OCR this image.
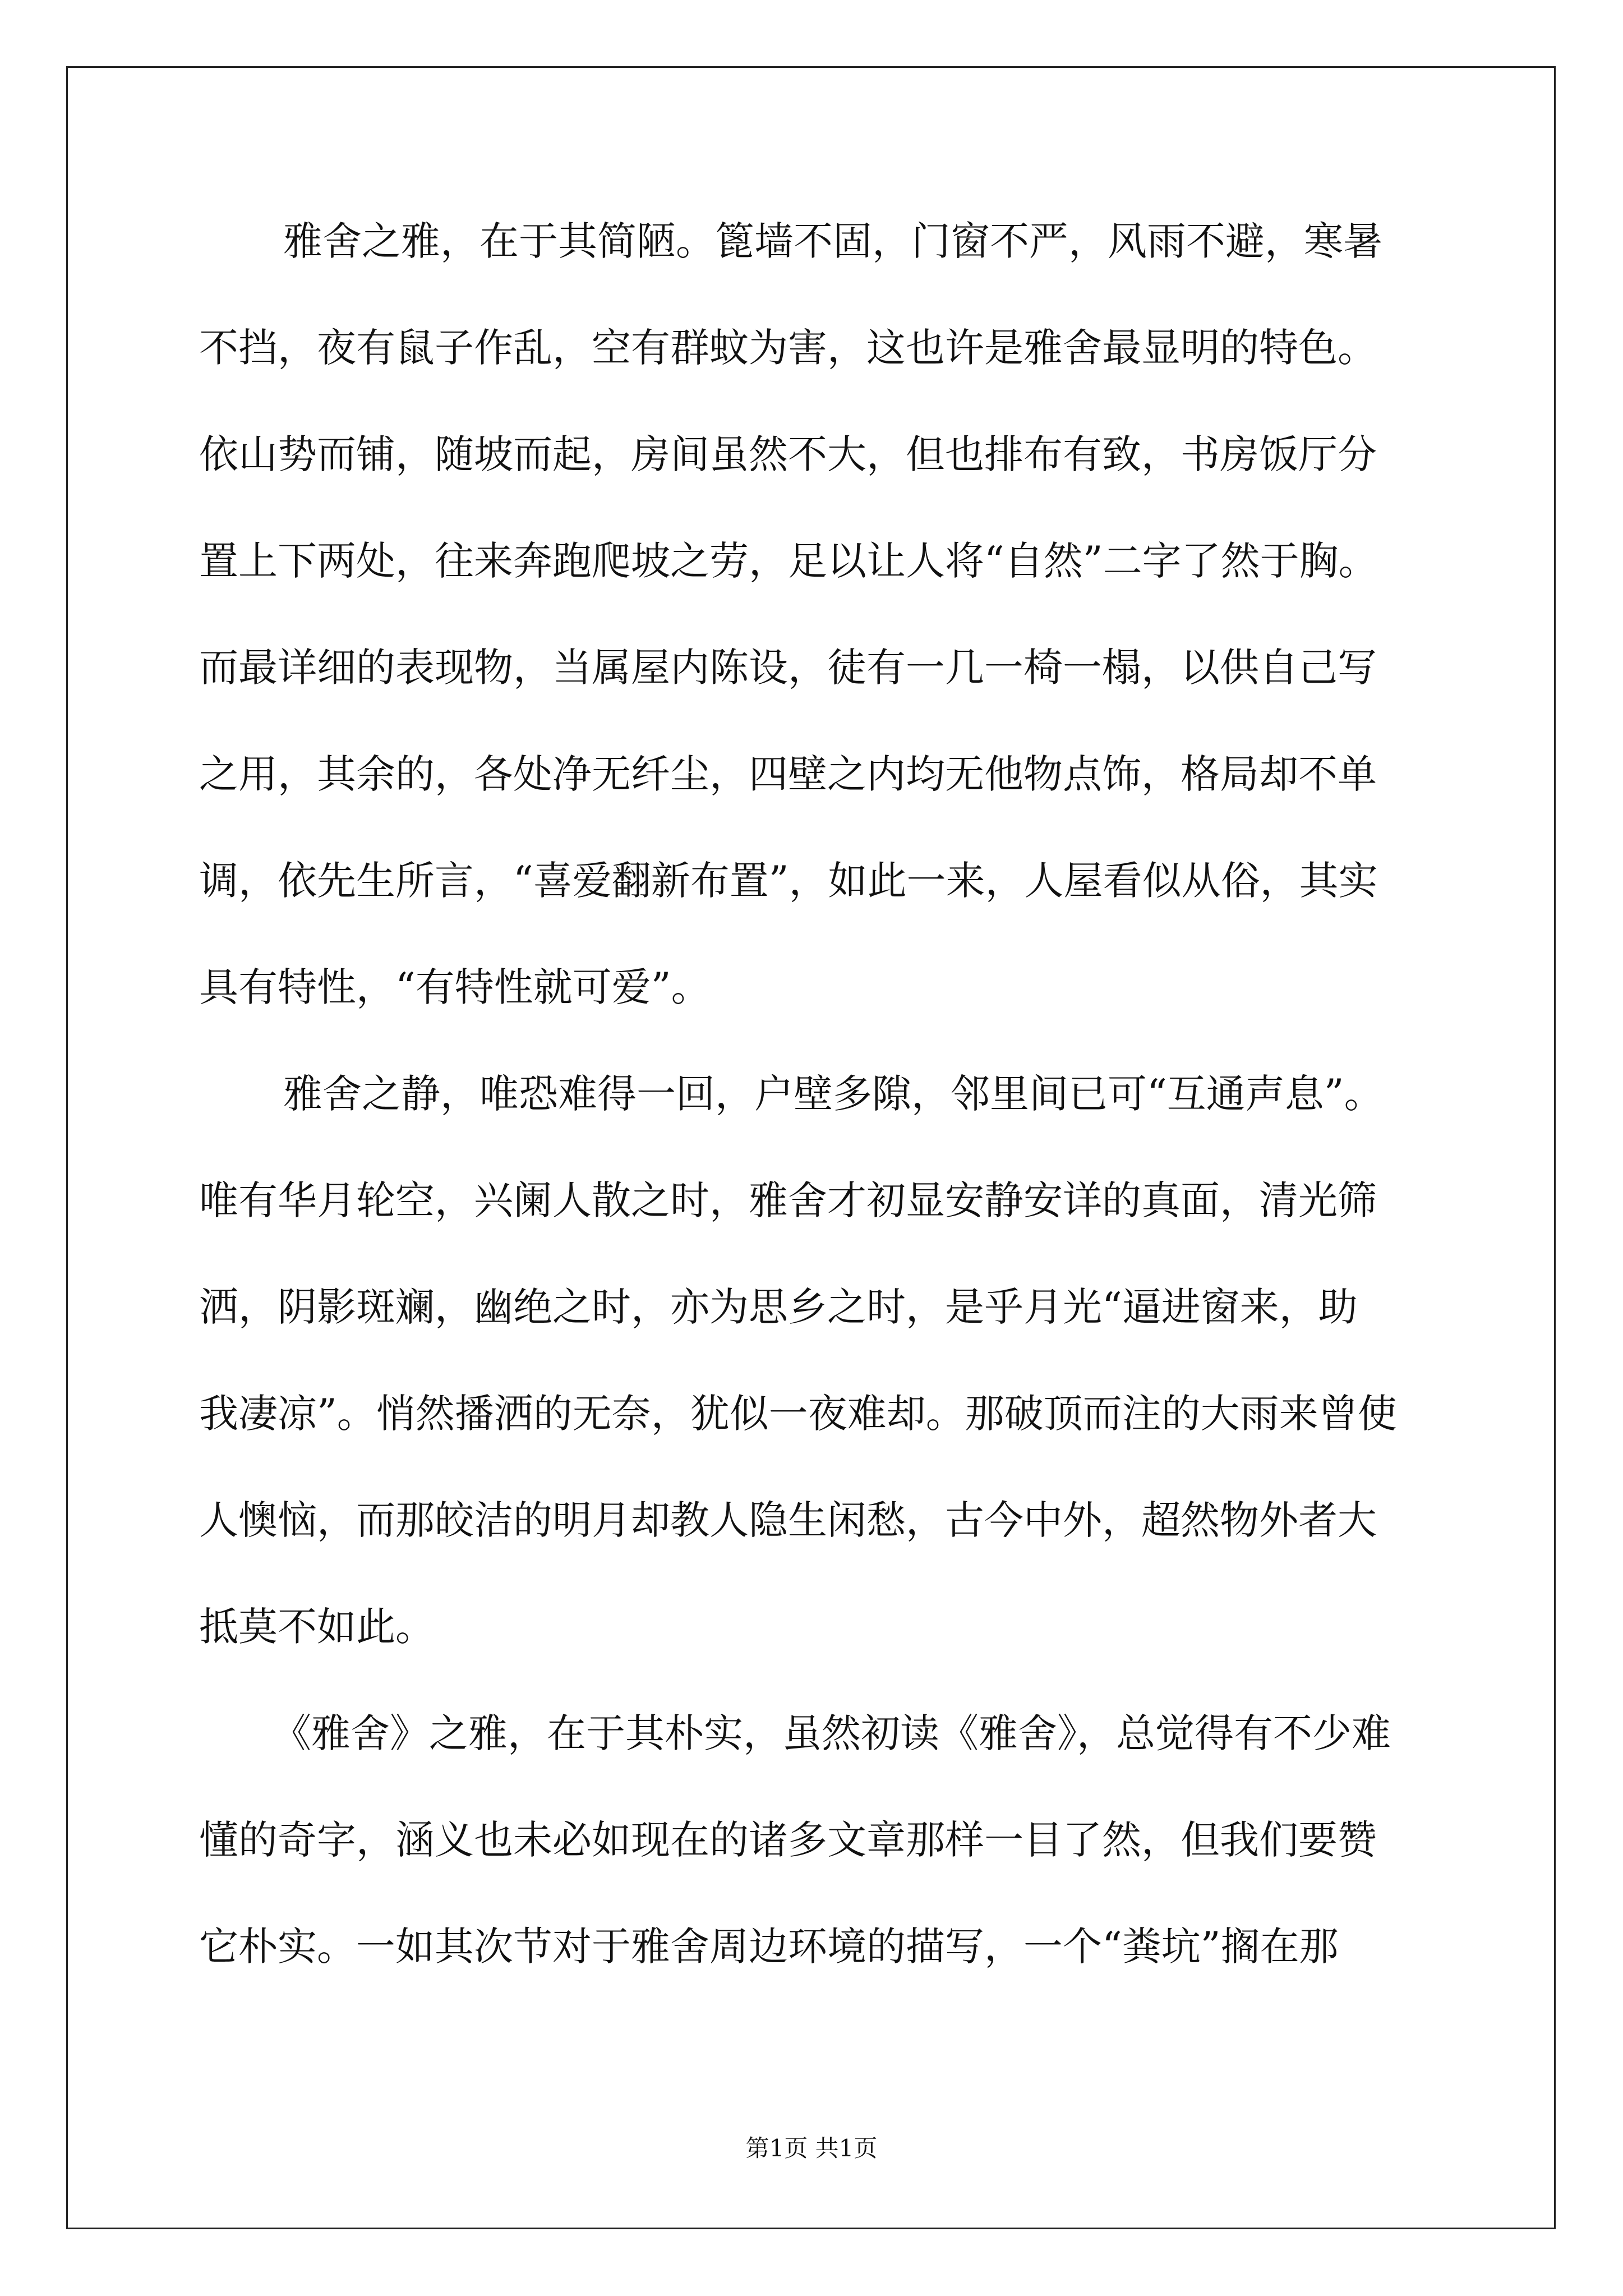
雅舍之雅，在于其简陋。篦墙不固，门窗不严，风雨不避，寒暑
不挡，夜有鼠子作乱，空有群蚊为害，这也许是雅舍最显明的特色。
依山势而铺，随坡而起，房间虽然不大，但也排布有致，书房饭厅分
置上下两处，往来奔跑爬坡之劳，足以让人将“自然”二字了然于胸。
而最详细的表现物，当属屋内陈设，徒有一几一椅一榻，以供自己写
之用，其余的，各处净无纤尘，四壁之内均无他物点饰，格局却不单
调，依先生所言，“喜爱翻新布置”，如此一来，人屋看似从俗，其实
具有特性，“有特性就可爱”。
雅舍之静，唯恐难得一回，户壁多隙，邻里间已可“互通声息”。
唯有华月轮空，兴阑人散之时，雅舍才初显安静安详的真面，清光筛
洒，阴影斑斓，幽绝之时，亦为思乡之时，是乎月光“逼进窗来，助
我凄凉”。悄然播洒的无奈，犹似一夜难却。那破顶而注的大雨来曾使
人懊恼，而那皎洁的明月却教人隐生闲愁，古今中外，超然物外者大
抵莫不如此。
《雅舍》之雅，在于其朴实，虽然初读《雅舍》，总觉得有不少难
懂的奇字，涵义也未必如现在的诸多文章那样一目了然，但我们要赞
它朴实。一如其次节对于雅舍周边环境的描写，一个“粪坑”搁在那
第1页 共1页
